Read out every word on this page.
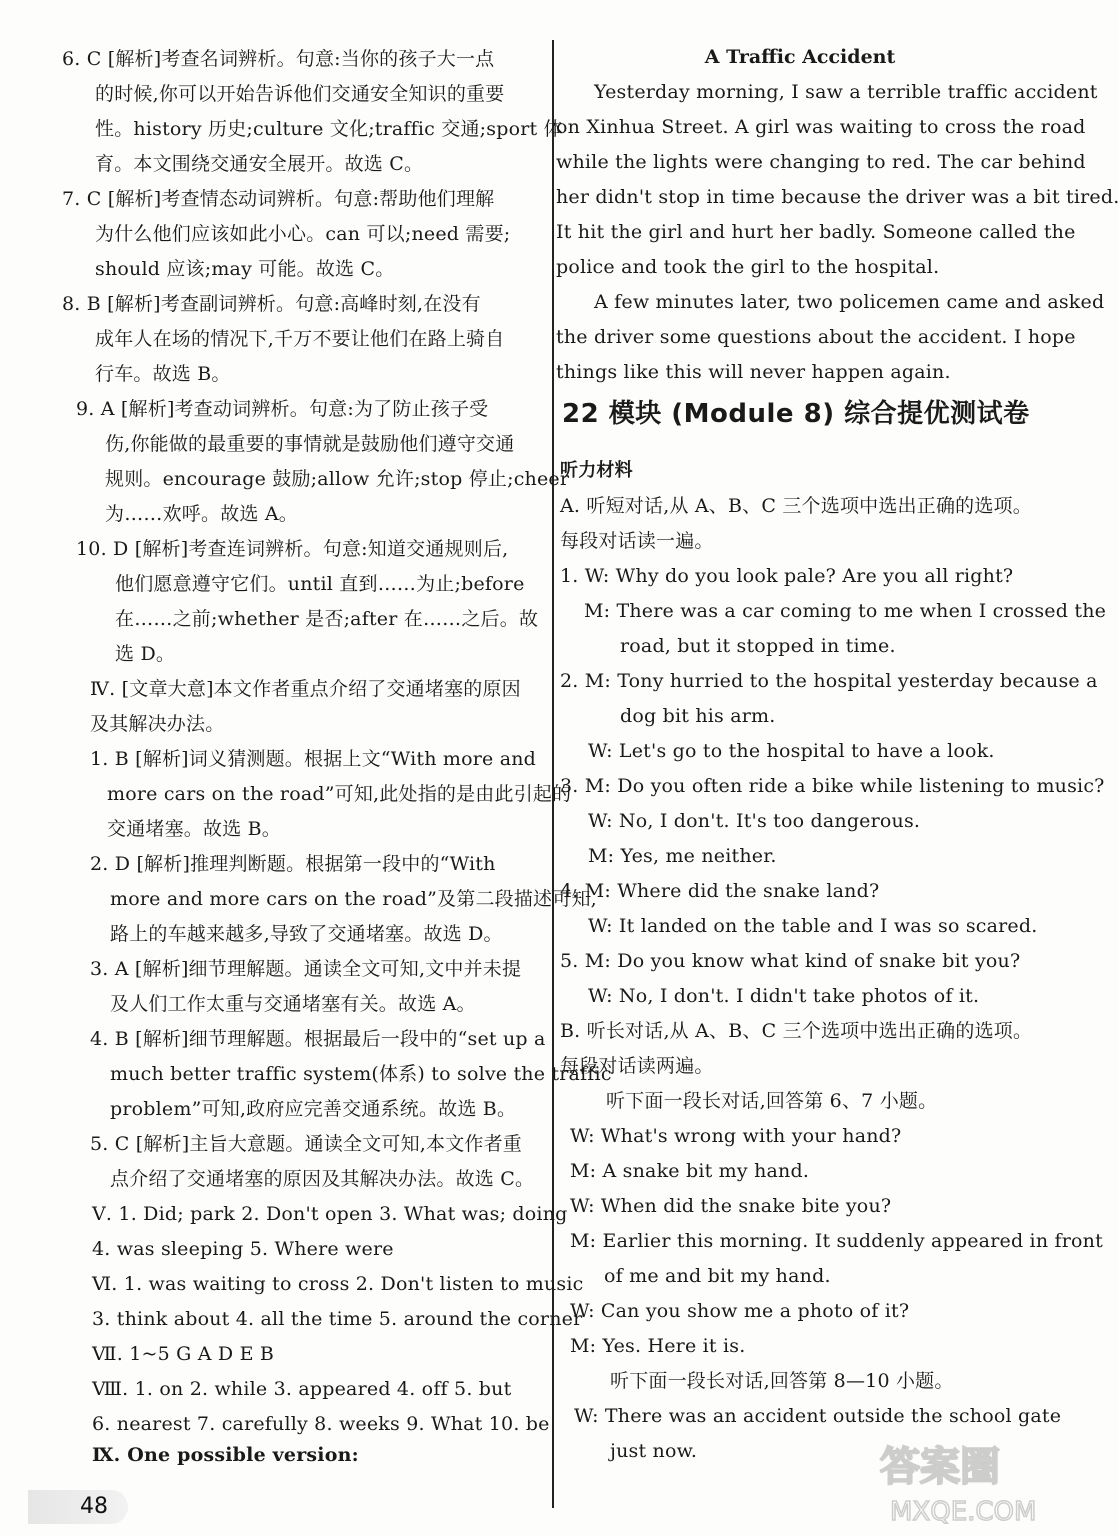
6. C [解析]考查名词辨析。句意:当你的孩子大一点
的时候,你可以开始告诉他们交通安全知识的重要
性。history 历史;culture 文化;traffic 交通;sport 体
育。本文围绕交通安全展开。故选 C。
7. C [解析]考查情态动词辨析。句意:帮助他们理解
为什么他们应该如此小心。can 可以;need 需要;
should 应该;may 可能。故选 C。
8. B [解析]考查副词辨析。句意:高峰时刻,在没有
成年人在场的情况下,千万不要让他们在路上骑自
行车。故选 B。
9. A [解析]考查动词辨析。句意:为了防止孩子受
伤,你能做的最重要的事情就是鼓励他们遵守交通
规则。encourage 鼓励;allow 允许;stop 停止;cheer
为……欢呼。故选 A。
10. D [解析]考查连词辨析。句意:知道交通规则后,
他们愿意遵守它们。until 直到……为止;before
在……之前;whether 是否;after 在……之后。故
选 D。
Ⅳ. [文章大意]本文作者重点介绍了交通堵塞的原因
及其解决办法。
1. B [解析]词义猜测题。根据上文“With more and
more cars on the road”可知,此处指的是由此引起的
交通堵塞。故选 B。
2. D [解析]推理判断题。根据第一段中的“With
more and more cars on the road”及第二段描述可知,
路上的车越来越多,导致了交通堵塞。故选 D。
3. A [解析]细节理解题。通读全文可知,文中并未提
及人们工作太重与交通堵塞有关。故选 A。
4. B [解析]细节理解题。根据最后一段中的“set up a
much better traffic system(体系) to solve the traffic
problem”可知,政府应完善交通系统。故选 B。
5. C [解析]主旨大意题。通读全文可知,本文作者重
点介绍了交通堵塞的原因及其解决办法。故选 C。
Ⅴ. 1. Did; park 2. Don't open 3. What was; doing
4. was sleeping 5. Where were
Ⅵ. 1. was waiting to cross 2. Don't listen to music
3. think about 4. all the time 5. around the corner
Ⅶ. 1~5 G A D E B
Ⅷ. 1. on 2. while 3. appeared 4. off 5. but
6. nearest 7. carefully 8. weeks 9. What 10. be
Ⅸ. One possible version:
A Traffic Accident
22 模块 (Module 8) 综合提优测试卷
Yesterday morning, I saw a terrible traffic accident
on Xinhua Street. A girl was waiting to cross the road
while the lights were changing to red. The car behind
her didn't stop in time because the driver was a bit tired.
It hit the girl and hurt her badly. Someone called the
police and took the girl to the hospital.
A few minutes later, two policemen came and asked
the driver some questions about the accident. I hope
things like this will never happen again.
听力材料
A. 听短对话,从 A、B、C 三个选项中选出正确的选项。
每段对话读一遍。
1. W: Why do you look pale? Are you all right?
M: There was a car coming to me when I crossed the
road, but it stopped in time.
2. M: Tony hurried to the hospital yesterday because a
dog bit his arm.
W: Let's go to the hospital to have a look.
3. M: Do you often ride a bike while listening to music?
W: No, I don't. It's too dangerous.
M: Yes, me neither.
4. M: Where did the snake land?
W: It landed on the table and I was so scared.
5. M: Do you know what kind of snake bit you?
W: No, I don't. I didn't take photos of it.
B. 听长对话,从 A、B、C 三个选项中选出正确的选项。
每段对话读两遍。
听下面一段长对话,回答第 6、7 小题。
W: What's wrong with your hand?
M: A snake bit my hand.
W: When did the snake bite you?
M: Earlier this morning. It suddenly appeared in front
of me and bit my hand.
W: Can you show me a photo of it?
M: Yes. Here it is.
听下面一段长对话,回答第 8—10 小题。
W: There was an accident outside the school gate
just now.
48
答案圈
MXQE.COM
